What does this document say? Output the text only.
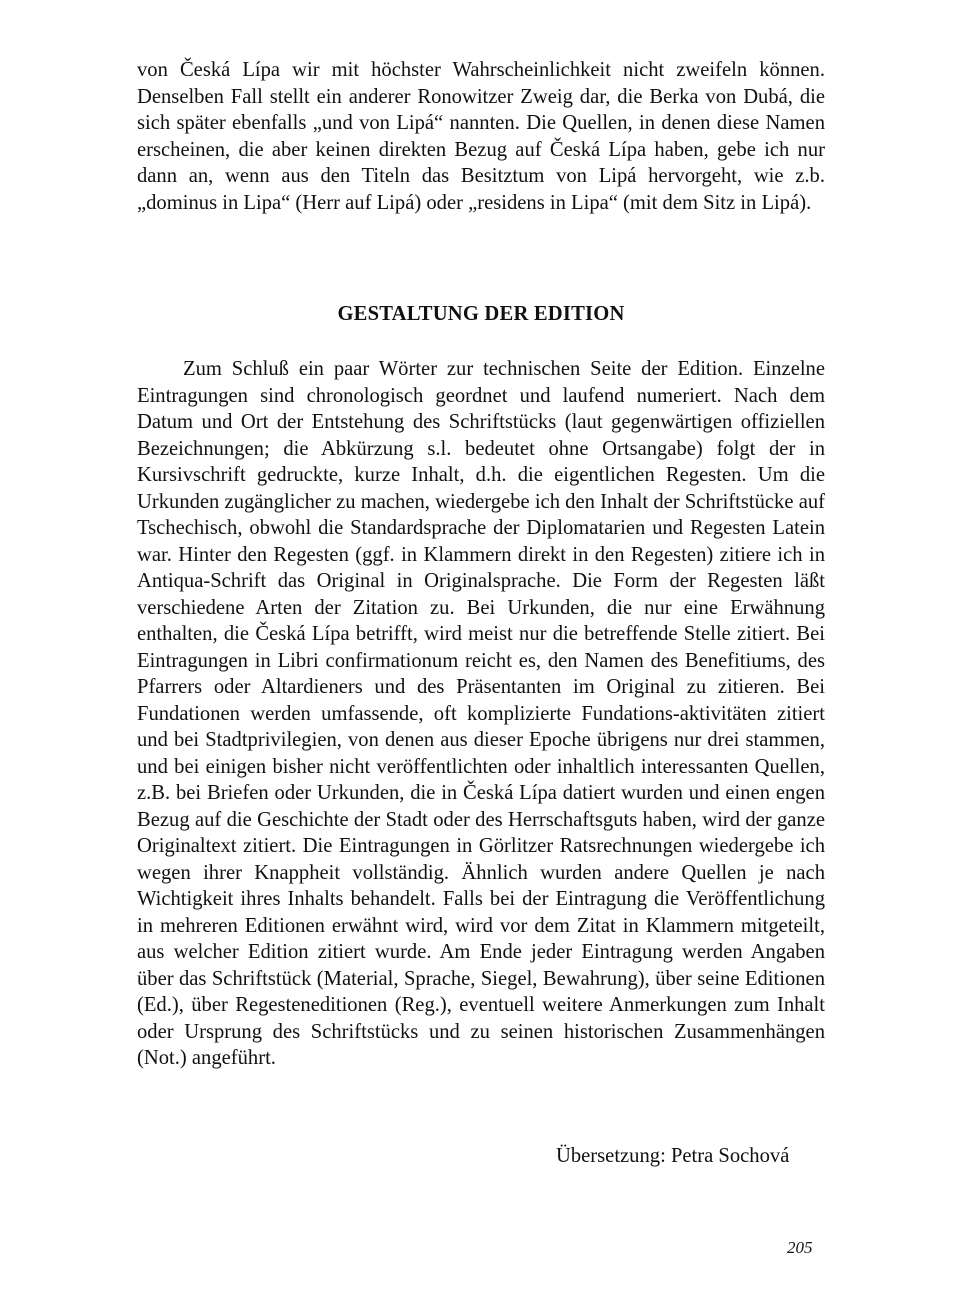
von Česká Lípa wir mit höchster Wahrscheinlichkeit nicht zweifeln können. Denselben Fall stellt ein anderer Ronowitzer Zweig dar, die Berka von Dubá, die sich später ebenfalls „und von Lipá“ nannten. Die Quellen, in denen diese Namen erscheinen, die aber keinen direkten Bezug auf Česká Lípa haben, gebe ich nur dann an, wenn aus den Titeln das Besitztum von Lipá hervorgeht, wie z.b. „dominus in Lipa“ (Herr auf Lipá) oder „residens in Lipa“ (mit dem Sitz in Lipá).

GESTALTUNG DER EDITION

Zum Schluß ein paar Wörter zur technischen Seite der Edition. Einzelne Eintragungen sind chronologisch geordnet und laufend numeriert. Nach dem Datum und Ort der Entstehung des Schriftstücks (laut gegenwärtigen offiziellen Bezeichnungen; die Abkürzung s.l. bedeutet ohne Ortsangabe) folgt der in Kursivschrift gedruckte, kurze Inhalt, d.h. die eigentlichen Regesten. Um die Urkunden zugänglicher zu machen, wiedergebe ich den Inhalt der Schriftstücke auf Tschechisch, obwohl die Standardsprache der Diplomatarien und Regesten Latein war. Hinter den Regesten (ggf. in Klammern direkt in den Regesten) zitiere ich in Antiqua-Schrift das Original in Originalsprache. Die Form der Regesten läßt verschiedene Arten der Zitation zu. Bei Urkunden, die nur eine Erwähnung enthalten, die Česká Lípa betrifft, wird meist nur die betreffende Stelle zitiert. Bei Eintragungen in Libri confirmationum reicht es, den Namen des Benefitiums, des Pfarrers oder Altardieners und des Präsentanten im Original zu zitieren. Bei Fundationen werden umfassende, oft komplizierte Fundations-aktivitäten zitiert und bei Stadtprivilegien, von denen aus dieser Epoche übrigens nur drei stammen, und bei einigen bisher nicht veröffentlichten oder inhaltlich interessanten Quellen, z.B. bei Briefen oder Urkunden, die in Česká Lípa datiert wurden und einen engen Bezug auf die Geschichte der Stadt oder des Herrschaftsguts haben, wird der ganze Originaltext zitiert. Die Eintragungen in Görlitzer Ratsrechnungen wiedergebe ich wegen ihrer Knappheit vollständig. Ähnlich wurden andere Quellen je nach Wichtigkeit ihres Inhalts behandelt. Falls bei der Eintragung die Veröffentlichung in mehreren Editionen erwähnt wird, wird vor dem Zitat in Klammern mitgeteilt, aus welcher Edition zitiert wurde. Am Ende jeder Eintragung werden Angaben über das Schriftstück (Material, Sprache, Siegel, Bewahrung), über seine Editionen (Ed.), über Regesteneditionen (Reg.), eventuell weitere Anmerkungen zum Inhalt oder Ursprung des Schriftstücks und zu seinen historischen Zusammenhängen (Not.) angeführt.

Übersetzung: Petra Sochová
205
